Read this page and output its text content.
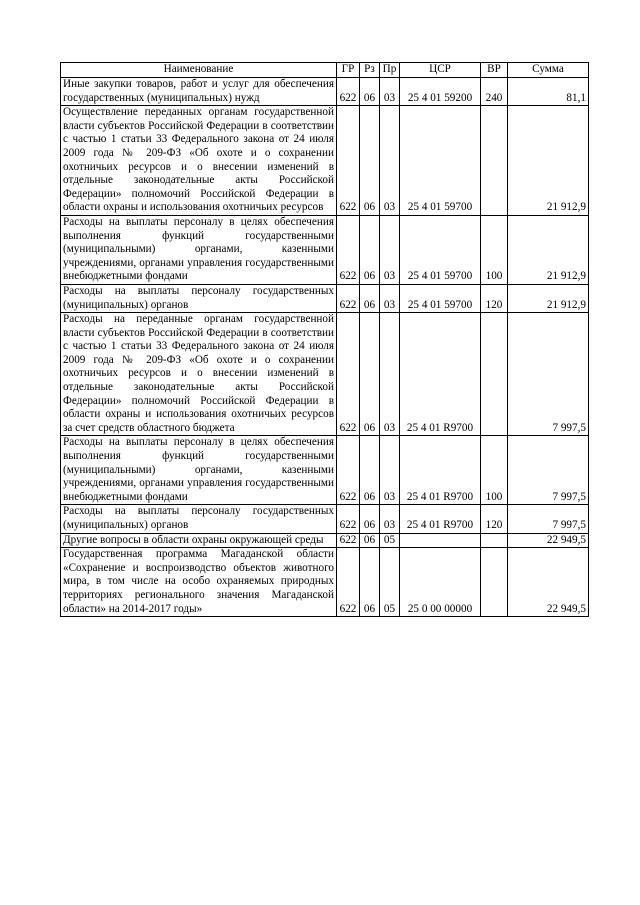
Наименование	ГР	Рз	Пр	ЦСР	ВР	Сумма
Иные закупки товаров, работ и услуг для обеспечения государственных (муниципальных) нужд	622	06	03	25 4 01 59200	240	81,1
Осуществление переданных органам государственной власти субъектов Российской Федерации в соответствии с частью 1 статьи 33 Федерального закона от 24 июля 2009 года № 209-ФЗ «Об охоте и о сохранении охотничьих ресурсов и о внесении изменений в отдельные законодательные акты Российской Федерации» полномочий Российской Федерации в области охраны и использования охотничьих ресурсов	622	06	03	25 4 01 59700		21 912,9
Расходы на выплаты персоналу в целях обеспечения выполнения функций государственными (муниципальными) органами, казенными учреждениями, органами управления государственными внебюджетными фондами	622	06	03	25 4 01 59700	100	21 912,9
Расходы на выплаты персоналу государственных (муниципальных) органов	622	06	03	25 4 01 59700	120	21 912,9
Расходы на переданные органам государственной власти субъектов Российской Федерации в соответствии с частью 1 статьи 33 Федерального закона от 24 июля 2009 года № 209-ФЗ «Об охоте и о сохранении охотничьих ресурсов и о внесении изменений в отдельные законодательные акты Российской Федерации» полномочий Российской Федерации в области охраны и использования охотничьих ресурсов за счет средств областного бюджета	622	06	03	25 4 01 R9700		7 997,5
Расходы на выплаты персоналу в целях обеспечения выполнения функций государственными (муниципальными) органами, казенными учреждениями, органами управления государственными внебюджетными фондами	622	06	03	25 4 01 R9700	100	7 997,5
Расходы на выплаты персоналу государственных (муниципальных) органов	622	06	03	25 4 01 R9700	120	7 997,5
Другие вопросы в области охраны окружающей среды	622	06	05			22 949,5
Государственная программа Магаданской области «Сохранение и воспроизводство объектов животного мира, в том числе на особо охраняемых природных территориях регионального значения Магаданской области» на 2014-2017 годы»	622	06	05	25 0 00 00000		22 949,5
